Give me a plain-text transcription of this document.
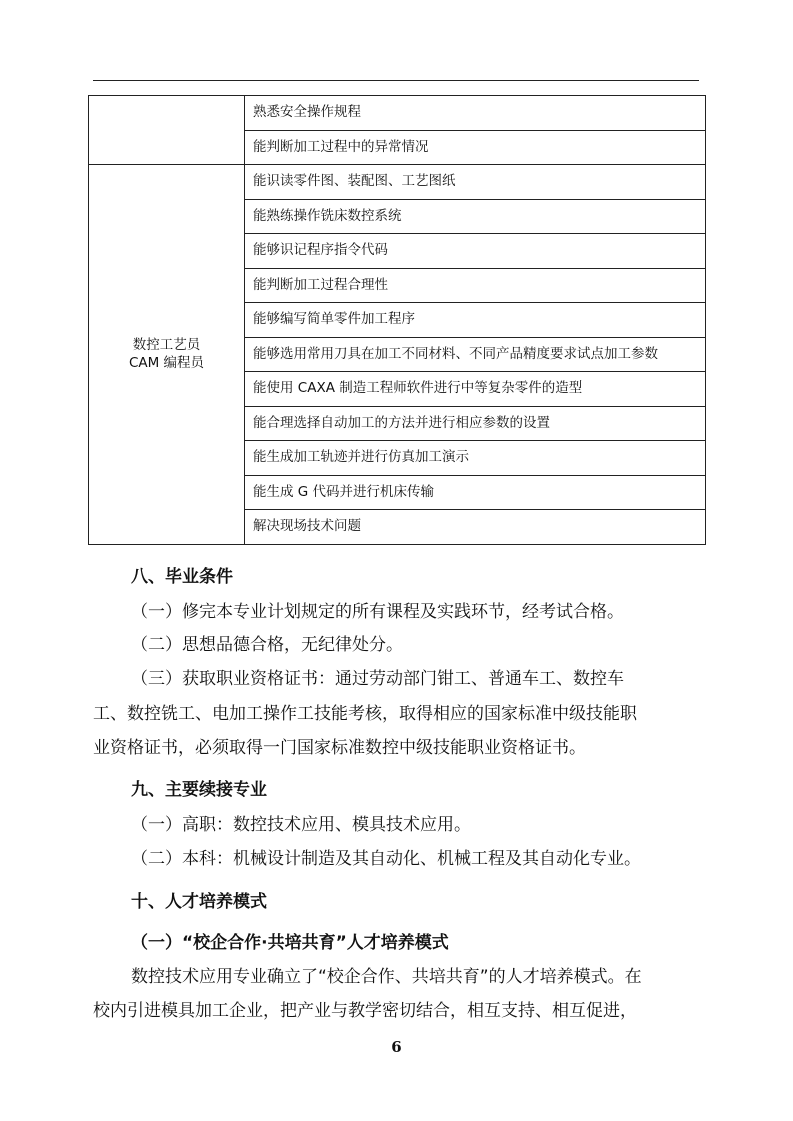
	熟悉安全操作规程
	能判断加工过程中的异常情况

数控工艺员
CAM 编程员	能识读零件图、装配图、工艺图纸
	能熟练操作铣床数控系统
	能够识记程序指令代码
	能判断加工过程合理性
	能够编写简单零件加工程序
	能够选用常用刀具在加工不同材料、不同产品精度要求试点加工参数
	能使用 CAXA 制造工程师软件进行中等复杂零件的造型
	能合理选择自动加工的方法并进行相应参数的设置
	能生成加工轨迹并进行仿真加工演示
	能生成 G 代码并进行机床传输
	解决现场技术问题
八、毕业条件
（一）修完本专业计划规定的所有课程及实践环节，经考试合格。
（二）思想品德合格，无纪律处分。
（三）获取职业资格证书：通过劳动部门钳工、普通车工、数控车
工、数控铣工、电加工操作工技能考核，取得相应的国家标准中级技能职
业资格证书，必须取得一门国家标准数控中级技能职业资格证书。
九、主要续接专业
（一）高职：数控技术应用、模具技术应用。
（二）本科：机械设计制造及其自动化、机械工程及其自动化专业。
十、人才培养模式
（一）“校企合作·共培共育”人才培养模式
数控技术应用专业确立了“校企合作、共培共育”的人才培养模式。在
校内引进模具加工企业，把产业与教学密切结合，相互支持、相互促进，
6
